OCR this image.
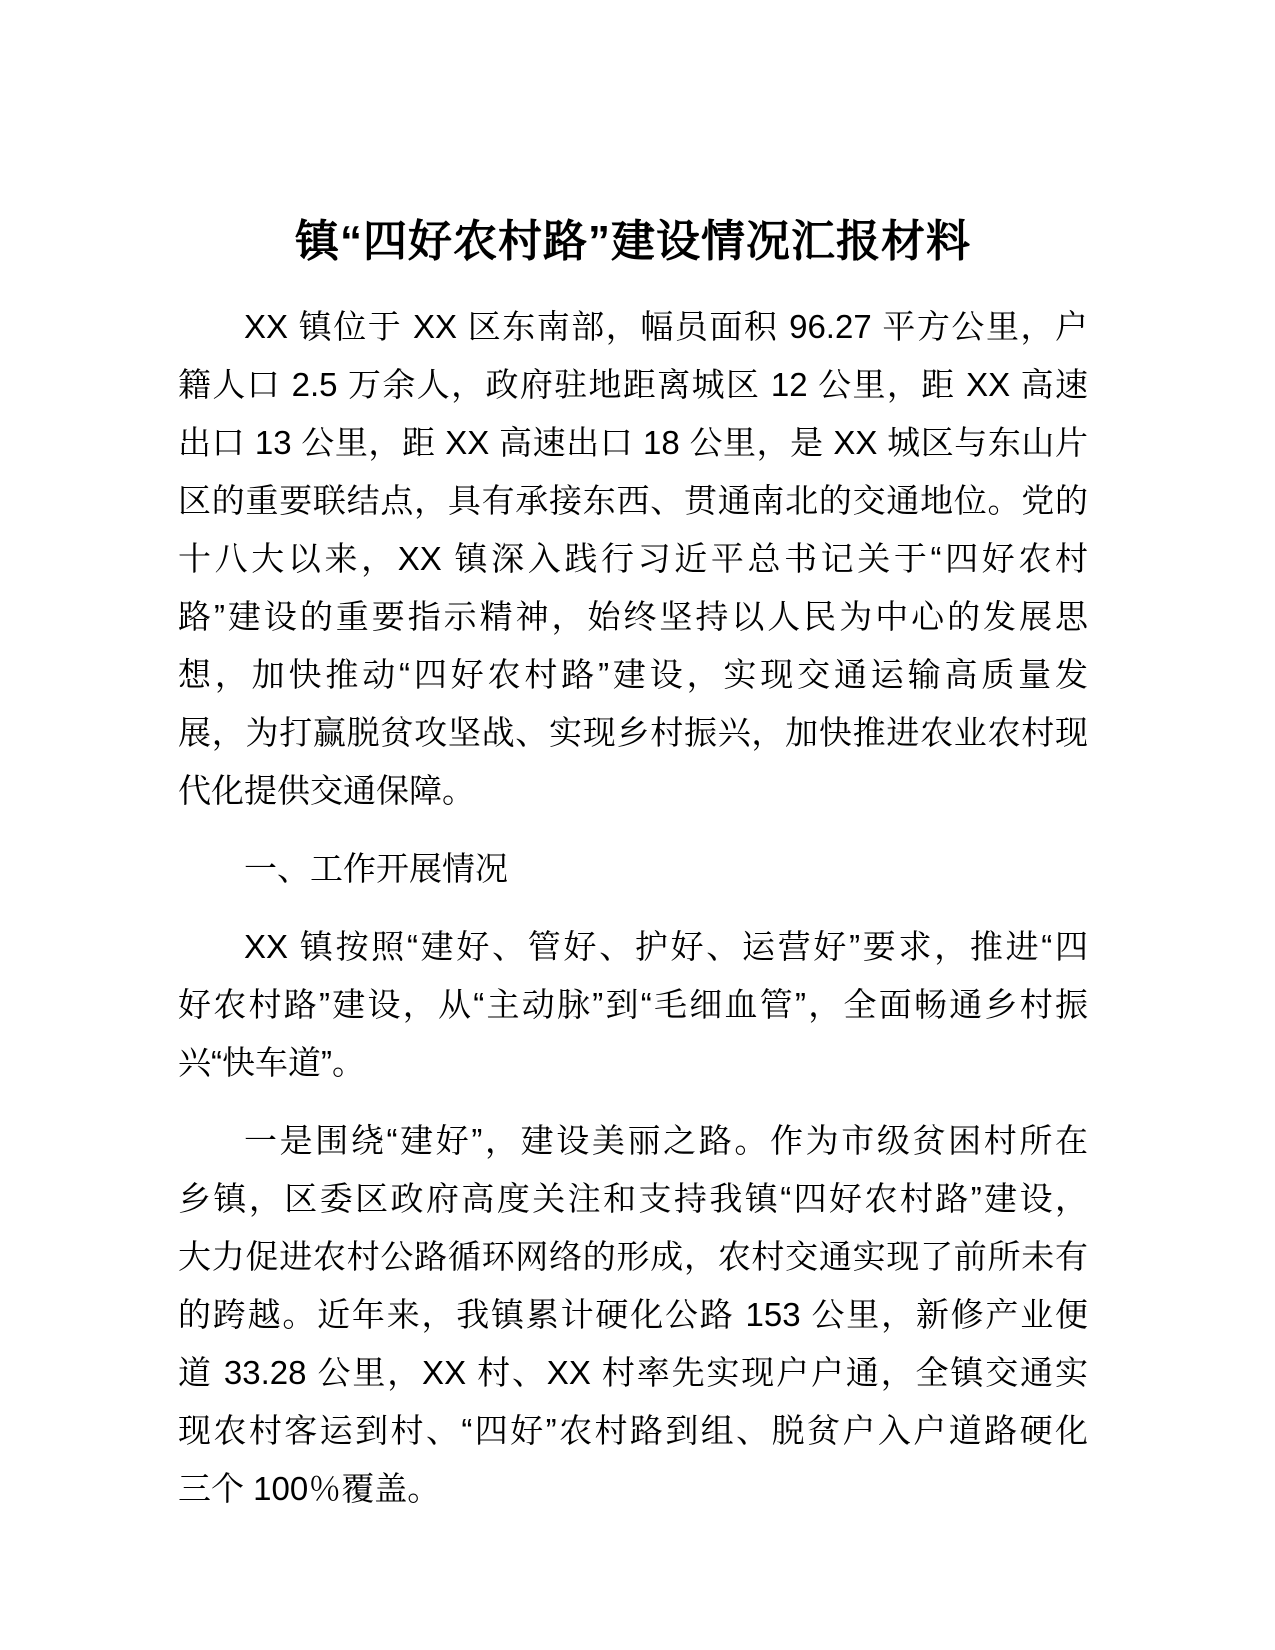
镇“四好农村路”建设情况汇报材料
XX 镇位于 XX 区东南部，幅员面积 96.27 平方公里，户
籍人口 2.5 万余人，政府驻地距离城区 12 公里，距 XX 高速
出口 13 公里，距 XX 高速出口 18 公里，是 XX 城区与东山片
区的重要联结点，具有承接东西、贯通南北的交通地位。党的
十八大以来，XX 镇深入践行习近平总书记关于“四好农村
路”建设的重要指示精神，始终坚持以人民为中心的发展思
想，加快推动“四好农村路”建设，实现交通运输高质量发
展，为打赢脱贫攻坚战、实现乡村振兴，加快推进农业农村现
代化提供交通保障。
一、工作开展情况
XX 镇按照“建好、管好、护好、运营好”要求，推进“四
好农村路”建设，从“主动脉”到“毛细血管”，全面畅通乡村振
兴“快车道”。
一是围绕“建好”，建设美丽之路。作为市级贫困村所在
乡镇，区委区政府高度关注和支持我镇“四好农村路”建设，
大力促进农村公路循环网络的形成，农村交通实现了前所未有
的跨越。近年来，我镇累计硬化公路 153 公里，新修产业便
道 33.28 公里，XX 村、XX 村率先实现户户通，全镇交通实
现农村客运到村、“四好”农村路到组、脱贫户入户道路硬化
三个 100％覆盖。
